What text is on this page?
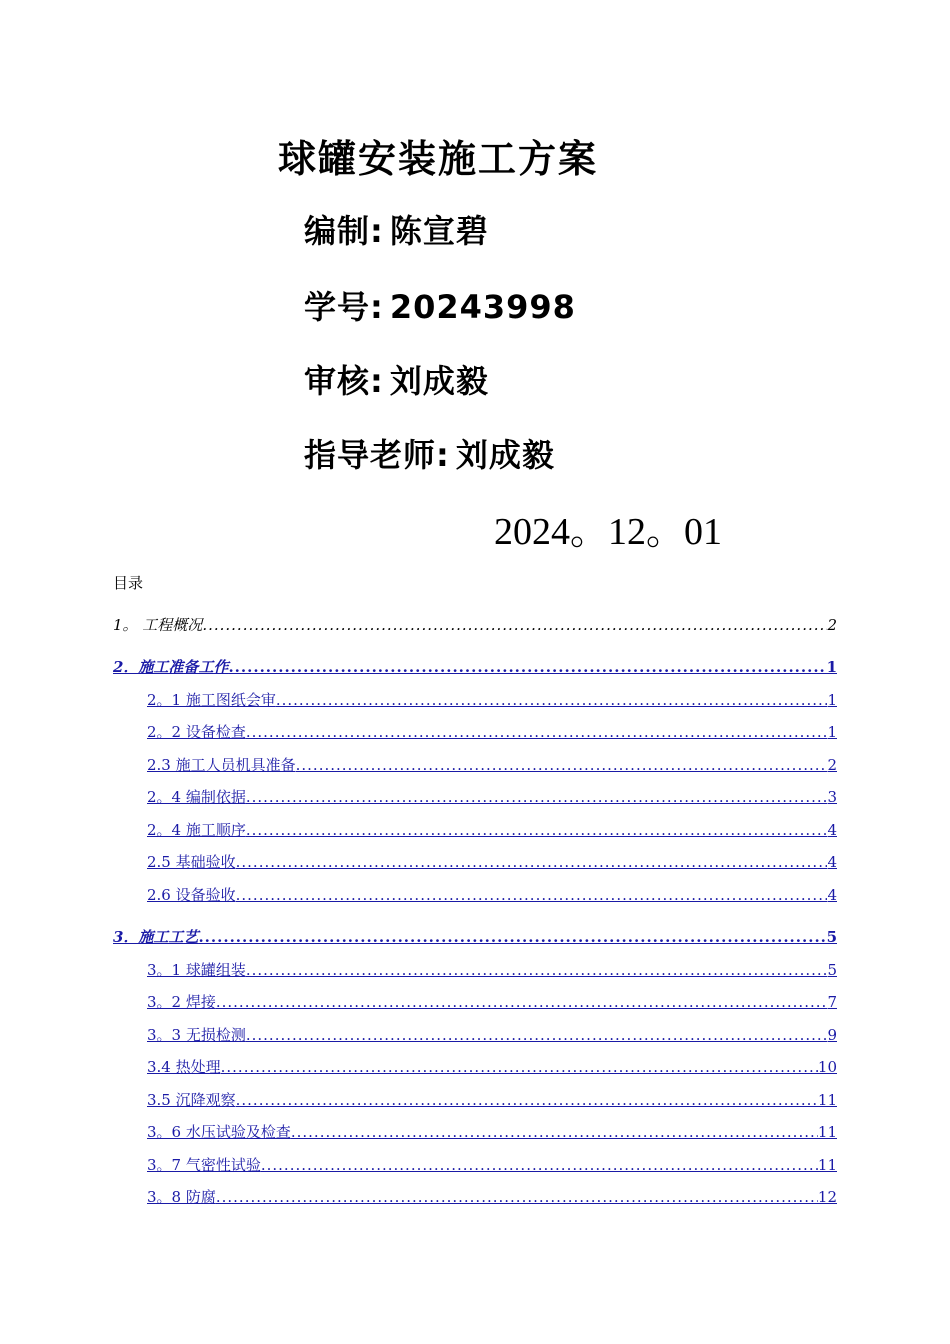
球罐安装施工方案
编制: 陈宣碧
学号: 20243998
审核: 刘成毅
指导老师: 刘成毅
2024。12。01
目录
1。 工程概况 .....	2
2．施工准备工作 .....	1
2。1 施工图纸会审 .....	1
2。2 设备检查 .....	1
2.3 施工人员机具准备 .....	2
2。4 编制依据 .....	3
2。4 施工顺序 .....	4
2.5 基础验收 .....	4
2.6 设备验收 .....	4
3．施工工艺 .....	5
3。1 球罐组装 .....	5
3。2 焊接 .....	7
3。3 无损检测 .....	9
3.4 热处理 .....	10
3.5 沉降观察 .....	11
3。6 水压试验及检查 .....	11
3。7 气密性试验 .....	11
3。8 防腐 .....	12
